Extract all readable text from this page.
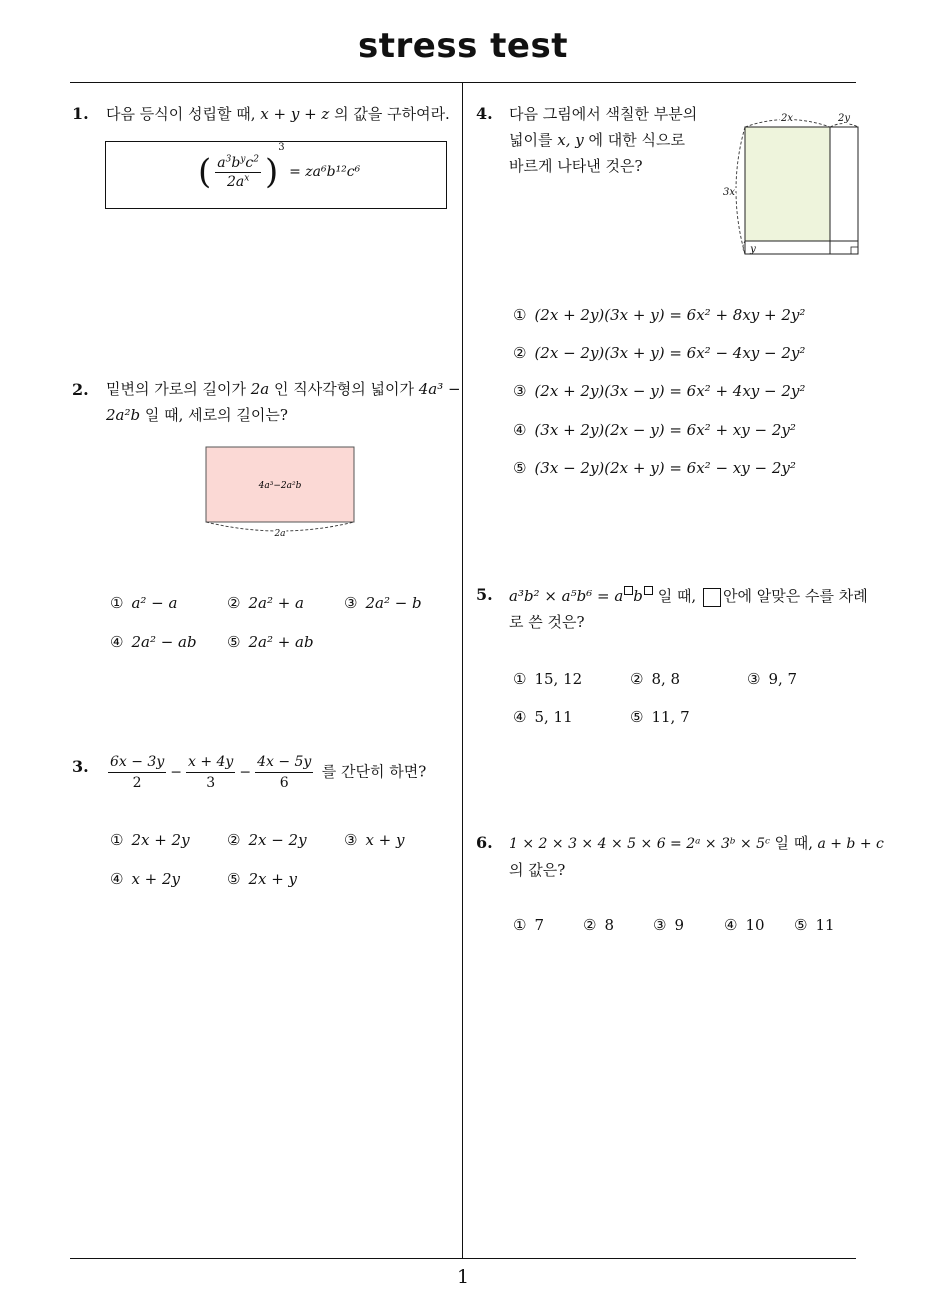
stress test
1
1. 다음 등식이 성립할 때, x + y + z 의 값을 구하여라.
( $\frac{a^3b^yc^2}{2a^x} )^3 = za^6b^{12}c^6$
2. 밑변의 가로의 길이가 2a 인 직사각형의 넓이가 4a³ −
2a²b 일 때, 세로의 길이는?
4a³−2a²b
2a
① a² − a	② 2a² + a	③ 2a² − b
④ 2a² − ab ⑤ 2a² + ab
3. $\frac{6x - 3y}{2} - \frac{x + 4y}{3} - \frac{4x - 5y}{6}$ 를 간단히 하면?
① 2x + 2y ② 2x − 2y ③ x + y
④ x + 2y	⑤ 2x + y
4. 다음 그림에서 색칠한 부분의
넓이를 x, y 에 대한 식으로
바르게 나타낸 것은?
2x	2y
3x
y
① (2x + 2y)(3x + y) = 6x² + 8xy + 2y²
② (2x − 2y)(3x + y) = 6x² − 4xy − 2y²
③ (2x + 2y)(3x − y) = 6x² + 4xy − 2y²
④ (3x + 2y)(2x − y) = 6x² + xy − 2y²
⑤ (3x − 2y)(2x + y) = 6x² − xy − 2y²
5. a³b² × a⁵b⁶ = a b 일 때, 안에 알맞은 수를 차례
로 쓴 것은?
① 15, 12	② 8, 8	③ 9, 7
④ 5, 11	⑤ 11, 7
6. 1 × 2 × 3 × 4 × 5 × 6 = 2ᵃ × 3ᵇ × 5ᶜ 일 때, a + b + c
의 값은?
① 7	② 8	③ 9	④ 10 ⑤ 11
